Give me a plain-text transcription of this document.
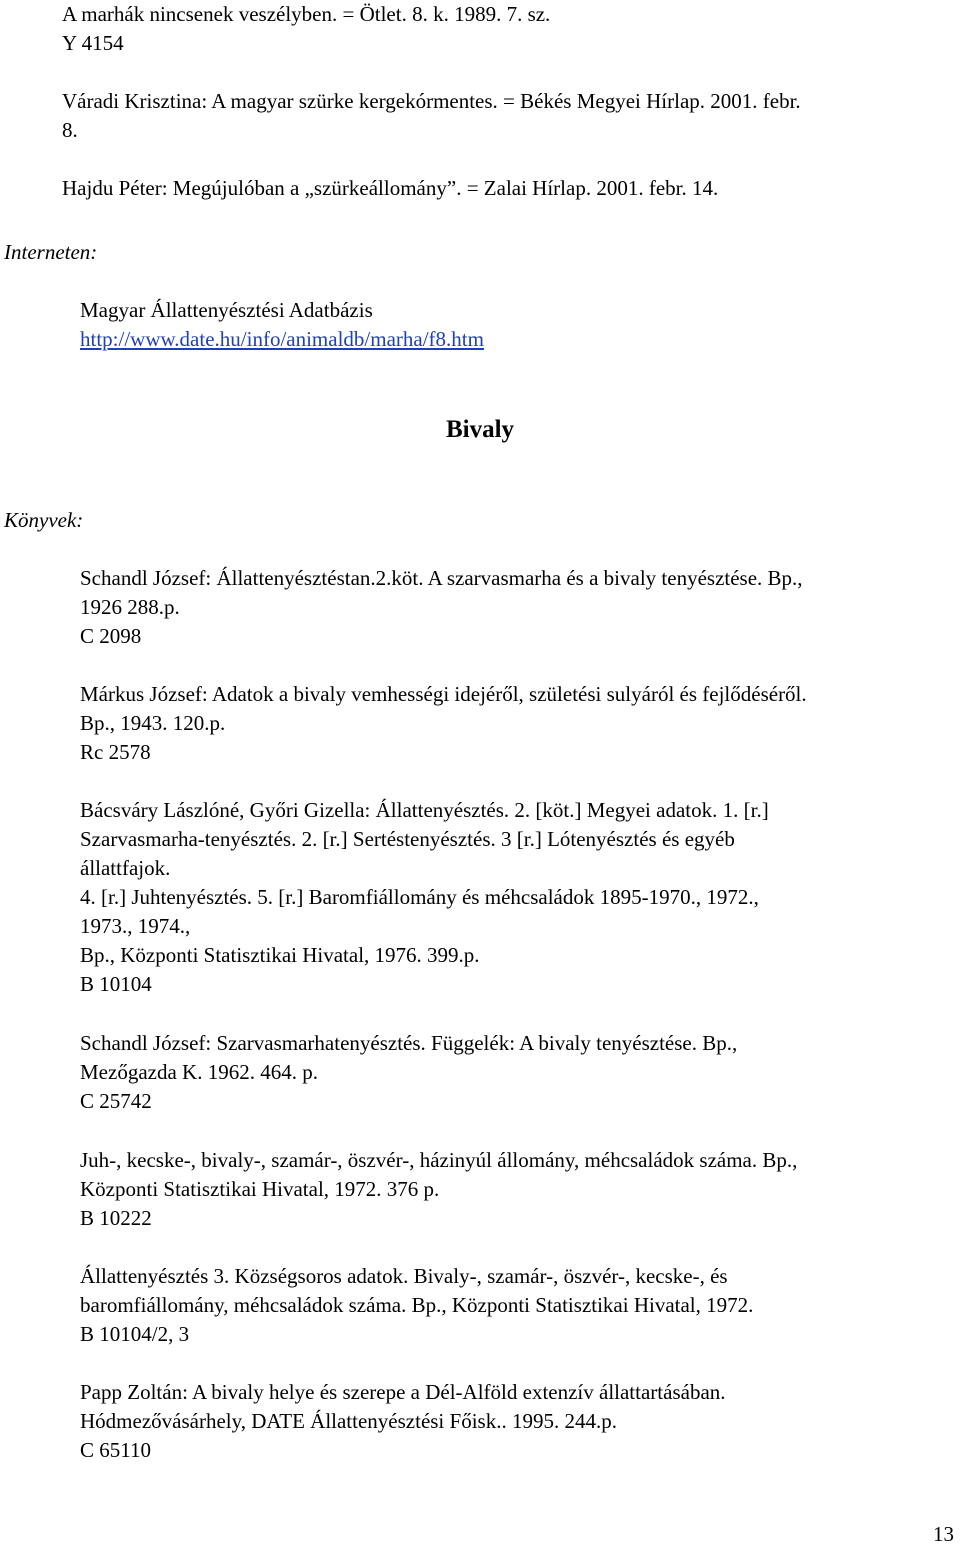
A marhák nincsenek veszélyben. = Ötlet. 8. k. 1989. 7. sz.
Y 4154
Váradi Krisztina: A magyar szürke kergekórmentes. = Békés Megyei Hírlap. 2001. febr.
8.
Hajdu Péter: Megújulóban a „szürkeállomány”. = Zalai Hírlap. 2001. febr. 14.
Interneten:
Magyar Állattenyésztési Adatbázis
http://www.date.hu/info/animaldb/marha/f8.htm
Bivaly
Könyvek:
Schandl József: Állattenyésztéstan.2.köt. A szarvasmarha és a bivaly tenyésztése. Bp.,
1926 288.p.
C 2098
Márkus József: Adatok a bivaly vemhességi idejéről, születési sulyáról és fejlődéséről.
Bp., 1943. 120.p.
Rc 2578
Bácsváry Lászlóné, Győri Gizella: Állattenyésztés. 2. [köt.] Megyei adatok. 1. [r.]
Szarvasmarha-tenyésztés. 2. [r.] Sertéstenyésztés. 3 [r.] Lótenyésztés és egyéb
állattfajok.
4. [r.] Juhtenyésztés. 5. [r.] Baromfiállomány és méhcsaládok 1895-1970., 1972.,
1973., 1974.,
Bp., Központi Statisztikai Hivatal, 1976. 399.p.
B 10104
Schandl József: Szarvasmarhatenyésztés. Függelék: A bivaly tenyésztése. Bp.,
Mezőgazda K. 1962. 464. p.
C 25742
Juh-, kecske-, bivaly-, szamár-, öszvér-, házinyúl állomány, méhcsaládok száma. Bp.,
Központi Statisztikai Hivatal, 1972. 376 p.
B 10222
Állattenyésztés 3. Községsoros adatok. Bivaly-, szamár-, öszvér-, kecske-, és
baromfiállomány, méhcsaládok száma. Bp., Központi Statisztikai Hivatal, 1972.
B 10104/2, 3
Papp Zoltán: A bivaly helye és szerepe a Dél-Alföld extenzív állattartásában.
Hódmezővásárhely, DATE Állattenyésztési Főisk.. 1995. 244.p.
C 65110
13
